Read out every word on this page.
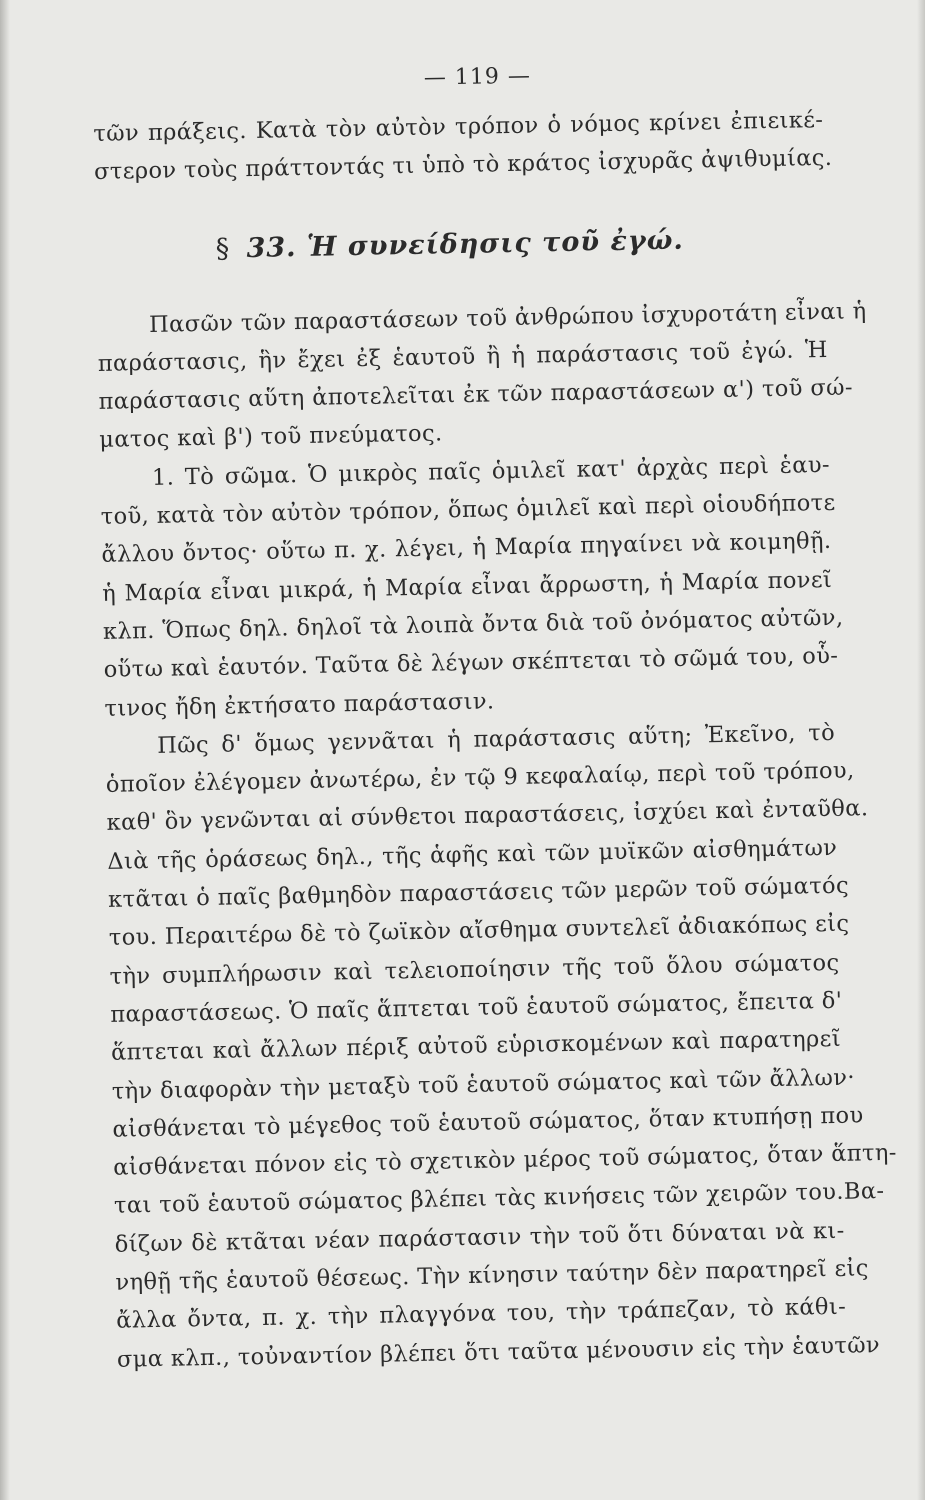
— 119 —
τῶν πράξεις. Κατὰ τὸν αὐτὸν τρόπον ὁ νόμος κρίνει ἐπιεικέ-
στερον τοὺς πράττοντάς τι ὑπὸ τὸ κράτος ἰσχυρᾶς ἀψιθυμίας.
§ 33. Ἡ συνείδησις τοῦ ἐγώ.
Πασῶν τῶν παραστάσεων τοῦ ἀνθρώπου ἰσχυροτάτη εἶναι ἡ
παράστασις, ἣν ἔχει ἐξ ἑαυτοῦ ἢ ἡ παράστασις τοῦ ἐγώ. Ἡ
παράστασις αὕτη ἀποτελεῖται ἐκ τῶν παραστάσεων α') τοῦ σώ-
ματος καὶ β') τοῦ πνεύματος.
1. Τὸ σῶμα. Ὁ μικρὸς παῖς ὁμιλεῖ κατ' ἀρχὰς περὶ ἑαυ-
τοῦ, κατὰ τὸν αὐτὸν τρόπον, ὅπως ὁμιλεῖ καὶ περὶ οἱουδήποτε
ἄλλου ὄντος· οὕτω π. χ. λέγει, ἡ Μαρία πηγαίνει νὰ κοιμηθῇ.
ἡ Μαρία εἶναι μικρά, ἡ Μαρία εἶναι ἄρρωστη, ἡ Μαρία πονεῖ
κλπ. Ὅπως δηλ. δηλοῖ τὰ λοιπὰ ὄντα διὰ τοῦ ὀνόματος αὐτῶν,
οὕτω καὶ ἑαυτόν. Ταῦτα δὲ λέγων σκέπτεται τὸ σῶμά του, οὗ-
τινος ἤδη ἐκτήσατο παράστασιν.
Πῶς δ' ὅμως γεννᾶται ἡ παράστασις αὕτη; Ἐκεῖνο, τὸ
ὁποῖον ἐλέγομεν ἀνωτέρω, ἐν τῷ 9 κεφαλαίῳ, περὶ τοῦ τρόπου,
καθ' ὃν γενῶνται αἱ σύνθετοι παραστάσεις, ἰσχύει καὶ ἐνταῦθα.
Διὰ τῆς ὁράσεως δηλ., τῆς ἁφῆς καὶ τῶν μυϊκῶν αἰσθημάτων
κτᾶται ὁ παῖς βαθμηδὸν παραστάσεις τῶν μερῶν τοῦ σώματός
του. Περαιτέρω δὲ τὸ ζωϊκὸν αἴσθημα συντελεῖ ἀδιακόπως εἰς
τὴν συμπλήρωσιν καὶ τελειοποίησιν τῆς τοῦ ὅλου σώματος
παραστάσεως. Ὁ παῖς ἅπτεται τοῦ ἑαυτοῦ σώματος, ἔπειτα δ'
ἅπτεται καὶ ἄλλων πέριξ αὐτοῦ εὑρισκομένων καὶ παρατηρεῖ
τὴν διαφορὰν τὴν μεταξὺ τοῦ ἑαυτοῦ σώματος καὶ τῶν ἄλλων·
αἰσθάνεται τὸ μέγεθος τοῦ ἑαυτοῦ σώματος, ὅταν κτυπήσῃ που
αἰσθάνεται πόνον εἰς τὸ σχετικὸν μέρος τοῦ σώματος, ὅταν ἅπτη-
ται τοῦ ἑαυτοῦ σώματος βλέπει τὰς κινήσεις τῶν χειρῶν του.Βα-
δίζων δὲ κτᾶται νέαν παράστασιν τὴν τοῦ ὅτι δύναται νὰ κι-
νηθῇ τῆς ἑαυτοῦ θέσεως. Τὴν κίνησιν ταύτην δὲν παρατηρεῖ εἰς
ἄλλα ὄντα, π. χ. τὴν πλαγγόνα του, τὴν τράπεζαν, τὸ κάθι-
σμα κλπ., τοὐναντίον βλέπει ὅτι ταῦτα μένουσιν εἰς τὴν ἑαυτῶν
